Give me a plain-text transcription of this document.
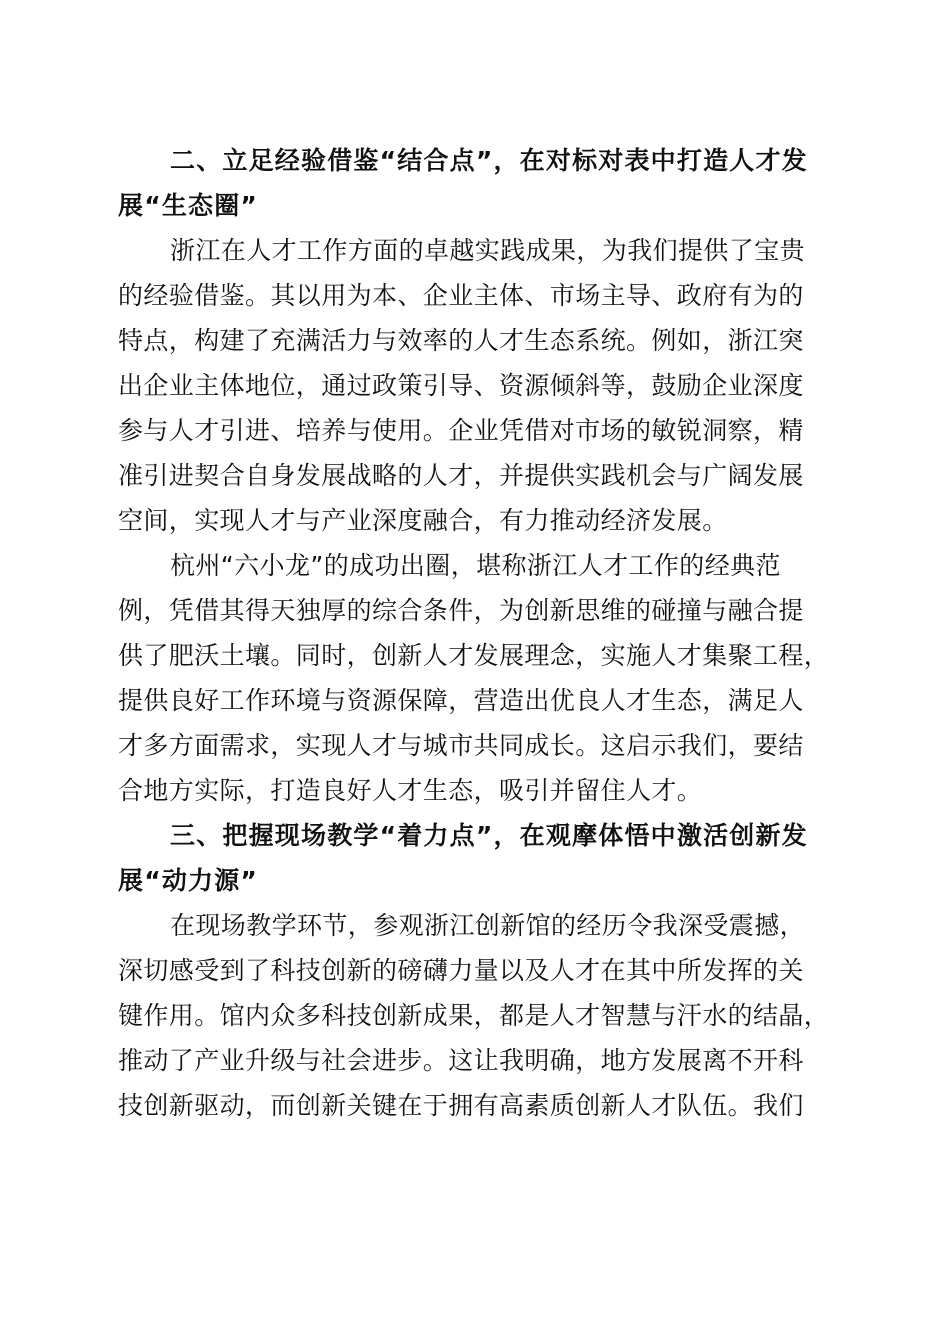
二、立足经验借鉴“结合点”，在对标对表中打造人才发
展“生态圈”
浙江在人才工作方面的卓越实践成果，为我们提供了宝贵
的经验借鉴。其以用为本、企业主体、市场主导、政府有为的
特点，构建了充满活力与效率的人才生态系统。例如，浙江突
出企业主体地位，通过政策引导、资源倾斜等，鼓励企业深度
参与人才引进、培养与使用。企业凭借对市场的敏锐洞察，精
准引进契合自身发展战略的人才，并提供实践机会与广阔发展
空间，实现人才与产业深度融合，有力推动经济发展。
杭州“六小龙”的成功出圈，堪称浙江人才工作的经典范
例，凭借其得天独厚的综合条件，为创新思维的碰撞与融合提
供了肥沃土壤。同时，创新人才发展理念，实施人才集聚工程，
提供良好工作环境与资源保障，营造出优良人才生态，满足人
才多方面需求，实现人才与城市共同成长。这启示我们，要结
合地方实际，打造良好人才生态，吸引并留住人才。
三、把握现场教学“着力点”，在观摩体悟中激活创新发
展“动力源”
在现场教学环节，参观浙江创新馆的经历令我深受震撼，
深切感受到了科技创新的磅礴力量以及人才在其中所发挥的关
键作用。馆内众多科技创新成果，都是人才智慧与汗水的结晶，
推动了产业升级与社会进步。这让我明确，地方发展离不开科
技创新驱动，而创新关键在于拥有高素质创新人才队伍。我们
